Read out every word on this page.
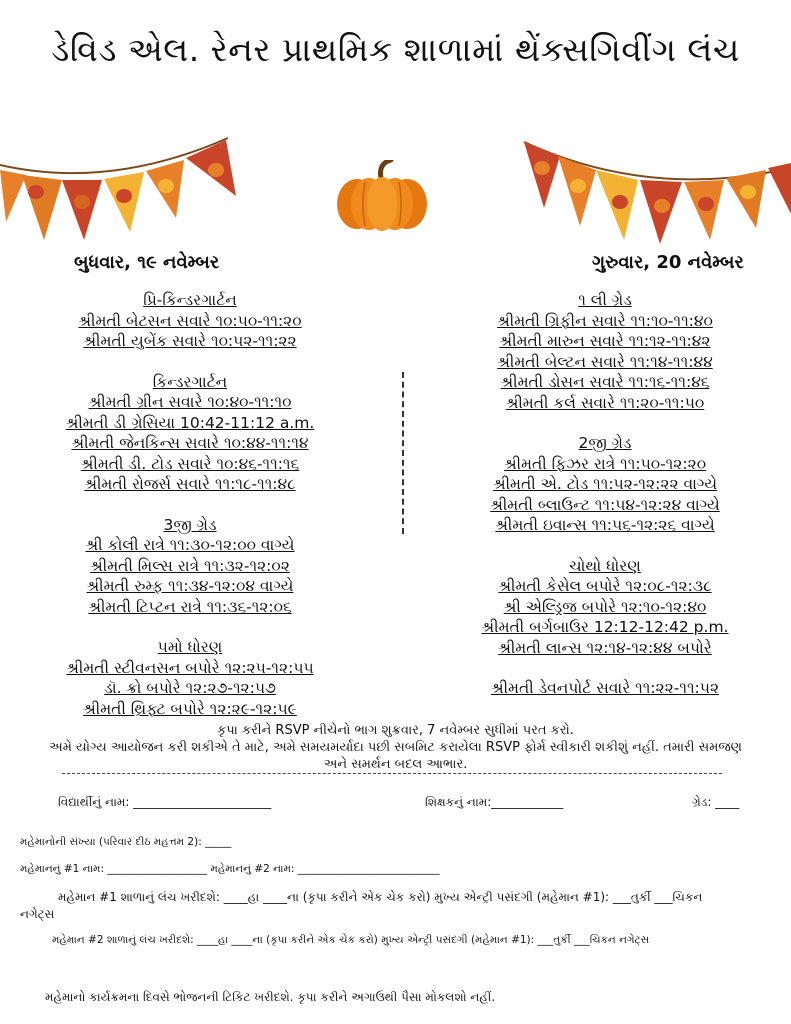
ડેવિડ એલ. રેનર પ્રાથમિક શાળામાં થેંક્સગિવીંગ લંચ
બુધવાર, ૧૯ નવેમ્બર	ગુરુવાર, 20 નવેમ્બર
પ્રિ-કિન્ડરગાર્ટન
શ્રીમતી બેટસન સવારે ૧૦:૫૦-૧૧:૨૦
શ્રીમતી યુબેંક સવારે ૧૦:૫૨-૧૧:૨૨
કિન્ડરગાર્ટન
શ્રીમતી ગ્રીન સવારે ૧૦:૪૦-૧૧:૧૦
શ્રીમતી ડી ગ્રેસિયા 10:42-11:12 a.m.
શ્રીમતી જેનકિન્સ સવારે ૧૦:૪૪-૧૧:૧૪
શ્રીમતી ડી. ટોડ સવારે ૧૦:૪૬-૧૧:૧૬
શ્રીમતી રોજર્સ સવારે ૧૧:૧૮-૧૧:૪૮
3જી ગ્રેડ
શ્રી કોલી રાત્રે ૧૧:૩૦-૧૨:૦૦ વાગ્યે
શ્રીમતી મિલ્સ રાત્રે ૧૧:૩૨-૧૨:૦૨
શ્રીમતી રુમ્ફ ૧૧:૩૪-૧૨:૦૪ વાગ્યે
શ્રીમતી ટિપ્ટન રાત્રે ૧૧:૩૬-૧૨:૦૬
૫મો ધોરણ
શ્રીમતી સ્ટીવનસન બપોરે ૧૨:૨૫-૧૨:૫૫
ડૉ. ક્રો બપોરે ૧૨:૨૭-૧૨:૫૭
શ્રીમતી થ્રિફ્ટ બપોરે ૧૨:૨૯-૧૨:૫૯
૧ લી ગ્રેડ
શ્રીમતી ગ્રિફીન સવારે ૧૧:૧૦-૧૧:૪૦
શ્રીમતી મારુન સવારે ૧૧:૧૨-૧૧:૪૨
શ્રીમતી બેલ્ટન સવારે ૧૧:૧૪-૧૧:૪૪
શ્રીમતી ડોસન સવારે ૧૧:૧૬-૧૧:૪૬
શ્રીમતી કર્લ સવારે ૧૧:૨૦-૧૧:૫૦
2જી ગ્રેડ
શ્રીમતી ફિઝર રાત્રે ૧૧:૫૦-૧૨:૨૦
શ્રીમતી એ. ટોડ ૧૧:૫૨-૧૨:૨૨ વાગ્યે
શ્રીમતી બ્લાઉન્ટ ૧૧:૫૪-૧૨:૨૪ વાગ્યે
શ્રીમતી ઇવાન્સ ૧૧:૫૬-૧૨:૨૬ વાગ્યે
ચોથો ધોરણ
શ્રીમતી કેસેલ બપોરે ૧૨:૦૮-૧૨:૩૮
શ્રી એલ્ડ્રિજ બપોરે ૧૨:૧૦-૧૨:૪૦
શ્રીમતી બર્ગબાઉર 12:12-12:42 p.m.
શ્રીમતી લાન્સ ૧૨:૧૪-૧૨:૪૪ બપોરે
શ્રીમતી ડેવનપોર્ટ સવારે ૧૧:૨૨-૧૧:૫૨
કૃપા કરીને RSVP નીચેનો ભાગ શુક્રવાર, 7 નવેમ્બર સુધીમાં પરત કરો.
અમે યોગ્ય આયોજન કરી શકીએ તે માટે, અમે સમયમર્યાદા પછી સબમિટ કરાયેલા RSVP ફોર્મ સ્વીકારી શકીશું નહીં. તમારી સમજણ
અને સમર્થન બદલ આભાર.
વિદ્યાર્થીનું નામ: _______________________	શિક્ષકનું નામ:____________	ગ્રેડ: ____
મહેમાનોની સંખ્યા (પરિવાર દીઠ મહત્તમ 2): _____
મહેમાનનું #1 નામ: ___________________ મહેમાનનું #2 નામ: ___________________________
મહેમાન #1 શાળાનું લંચ ખરીદશે: ____હા ____ના (કૃપા કરીને એક ચેક કરો) મુખ્ય એન્ટ્રી પસંદગી (મહેમાન #1): ___તુર્કી ___ચિકન
નગેટ્સ
મહેમાન #2 શાળાનું લંચ ખરીદશે: ____હા ____ના (કૃપા કરીને એક ચેક કરો) મુખ્ય એન્ટ્રી પસંદગી (મહેમાન #1): ___તુર્કી ___ચિકન નગેટ્સ
મહેમાનો કાર્યક્રમના દિવસે ભોજનની ટિકિટ ખરીદશે. કૃપા કરીને અગાઉથી પૈસા મોકલશો નહીં.
